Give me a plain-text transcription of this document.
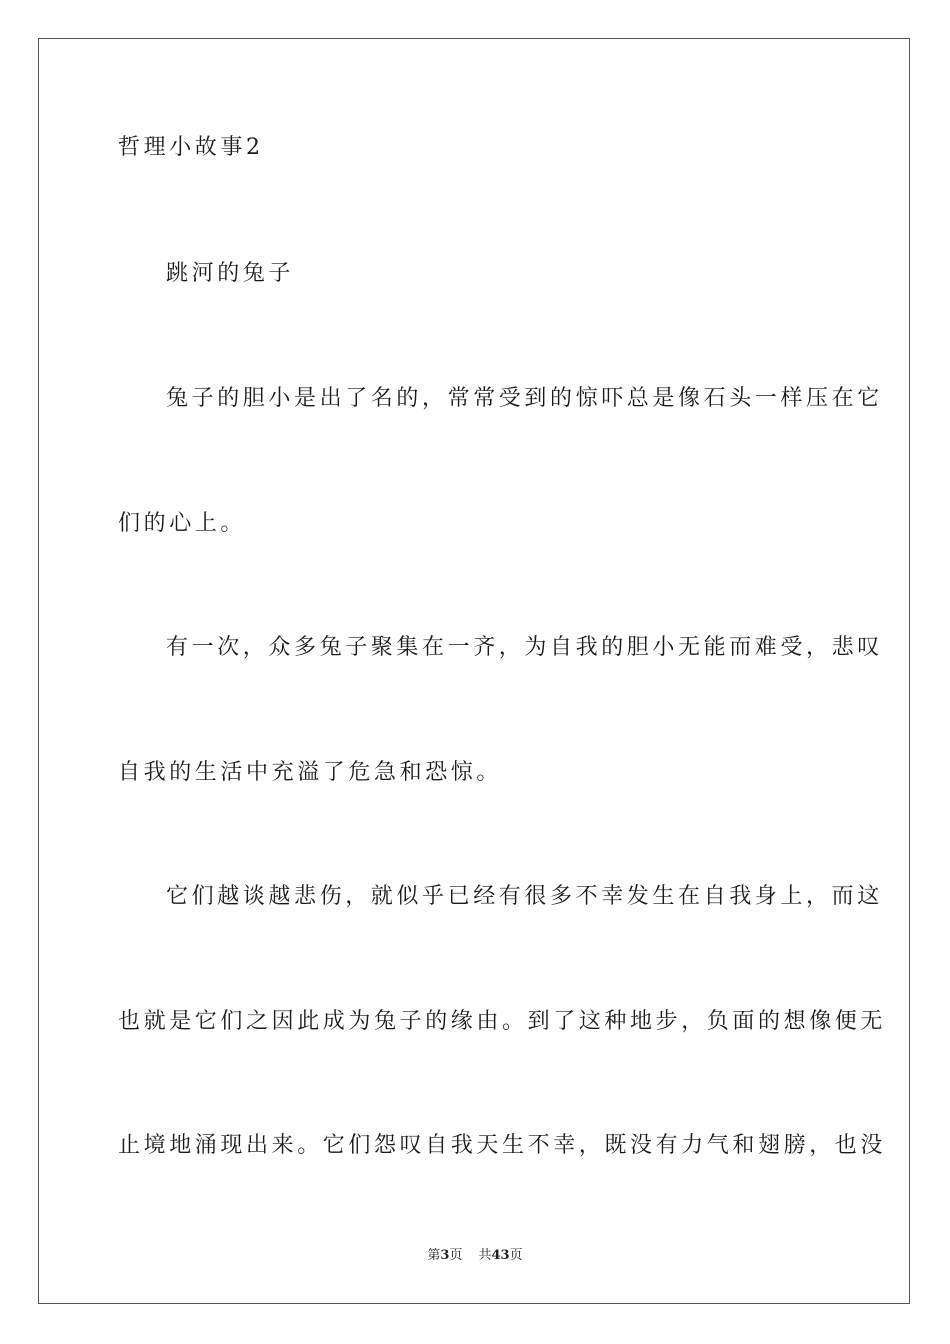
哲理小故事2
跳河的兔子
兔子的胆小是出了名的，常常受到的惊吓总是像石头一样压在它
们的心上。
有一次，众多兔子聚集在一齐，为自我的胆小无能而难受，悲叹
自我的生活中充溢了危急和恐惊。
它们越谈越悲伤，就似乎已经有很多不幸发生在自我身上，而这
也就是它们之因此成为兔子的缘由。到了这种地步，负面的想像便无
止境地涌现出来。它们怨叹自我天生不幸，既没有力气和翅膀，也没
第3页 共43页
